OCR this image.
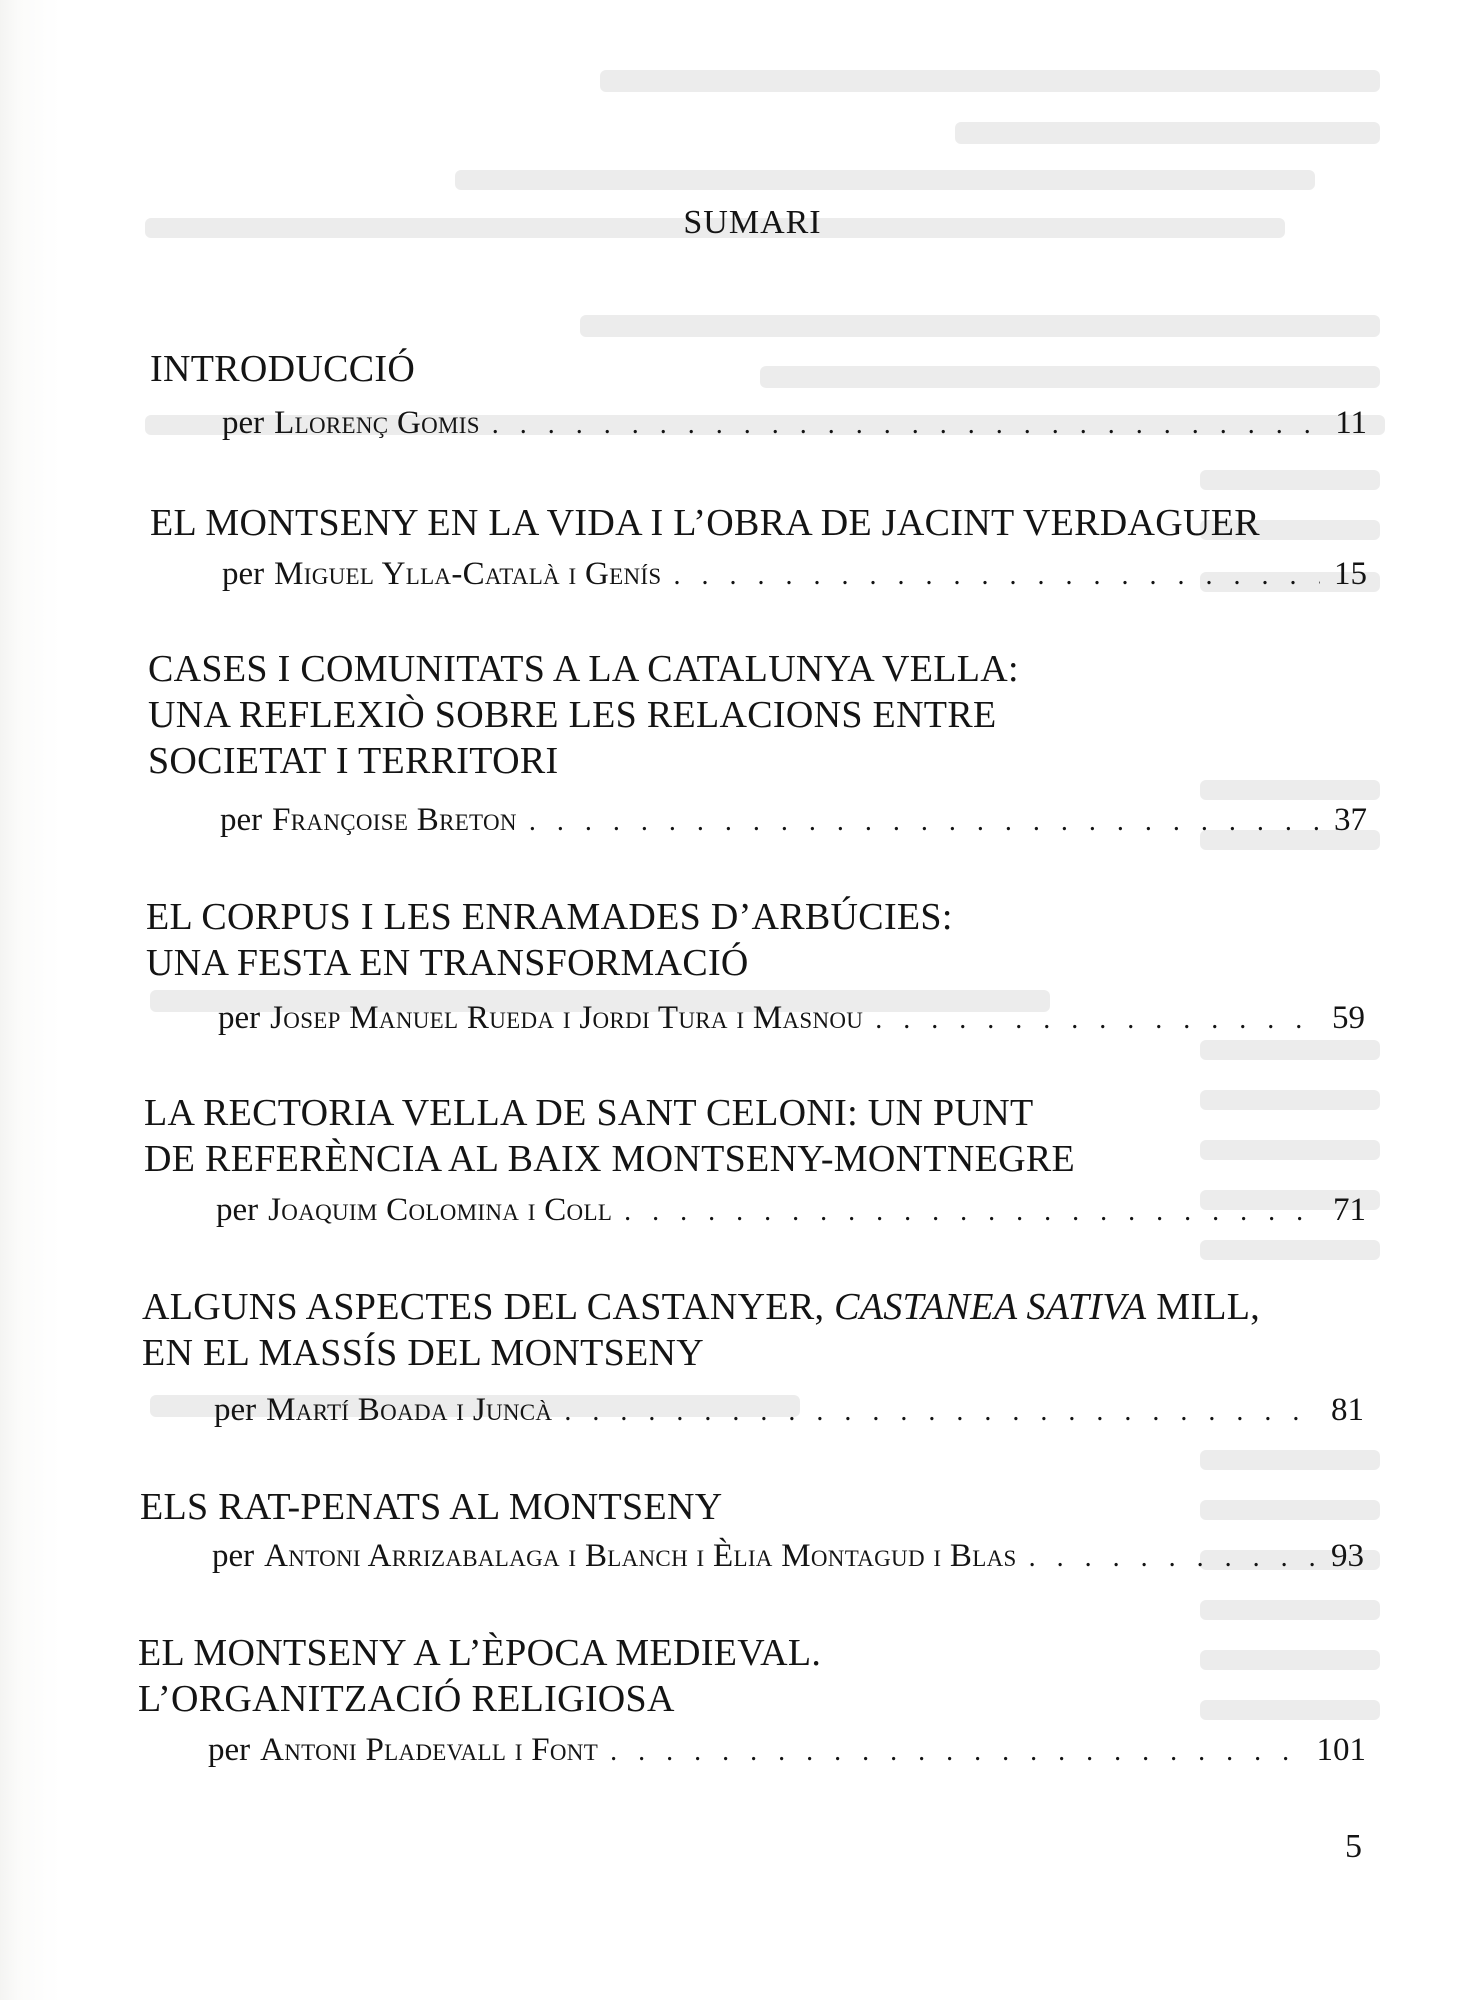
SUMARI
INTRODUCCIÓ
per Llorenç Gomis . . .	11
EL MONTSENY EN LA VIDA I L’OBRA DE JACINT VERDAGUER
per Miguel Ylla-Català i Genís . . .	15
CASES I COMUNITATS A LA CATALUNYA VELLA:
UNA REFLEXIÒ SOBRE LES RELACIONS ENTRE
SOCIETAT I TERRITORI
per Françoise Breton . . .	37
EL CORPUS I LES ENRAMADES D’ARBÚCIES:
UNA FESTA EN TRANSFORMACIÓ
per Josep Manuel Rueda i Jordi Tura i Masnou . . .	59
LA RECTORIA VELLA DE SANT CELONI: UN PUNT
DE REFERÈNCIA AL BAIX MONTSENY-MONTNEGRE
per Joaquim Colomina i Coll . . .	71
ALGUNS ASPECTES DEL CASTANYER, CASTANEA SATIVA MILL,
EN EL MASSÍS DEL MONTSENY
per Martí Boada i Juncà . . .	81
ELS RAT-PENATS AL MONTSENY
per Antoni Arrizabalaga i Blanch i Èlia Montagud i Blas . . .	93
EL MONTSENY A L’ÈPOCA MEDIEVAL.
L’ORGANITZACIÓ RELIGIOSA
per Antoni Pladevall i Font . . .	101
5
